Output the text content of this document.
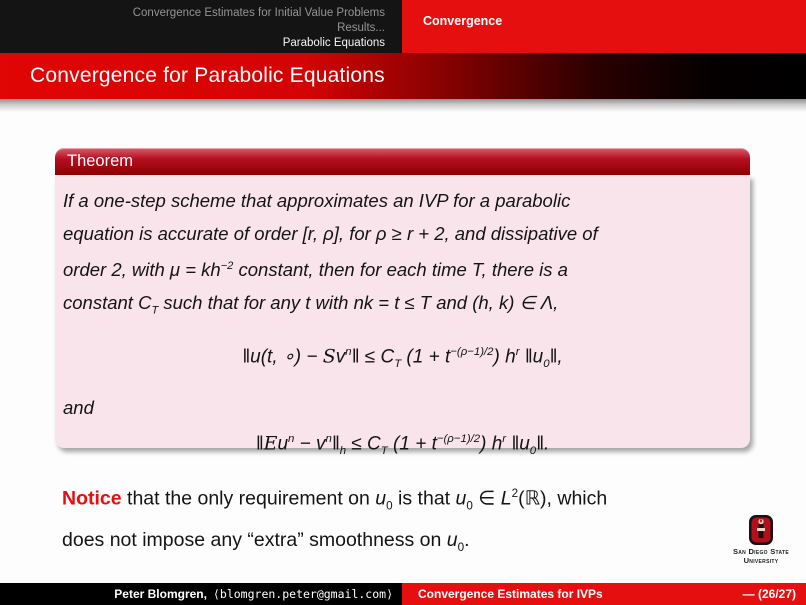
Convergence Estimates for Initial Value Problems
Results...
Parabolic Equations
Convergence
Convergence for Parabolic Equations
Theorem
If a one-step scheme that approximates an IVP for a parabolic
equation is accurate of order [r, ρ], for ρ ≥ r + 2, and dissipative of
order 2, with $\mu = kh^{-2}$ constant, then for each time T, there is a
constant $C_T$ such that for any t with nk = t ≤ T and (h, k) ∈ Λ,
‖u(t, ∘) − $Sv^n‖ \le C_T$ $(1 + t^{-(\rho-1)/2})$ $h^r$ $‖u_0‖$,
and
$‖Eu^n$ − $v^n‖_h \le C_T$ $(1 + t^{-(\rho-1)/2})$ $h^r$ $‖u_0‖$.
Notice that the only requirement on $u_0$ is that $u_0$ ∈ $L^2(ℝ)$, which
does not impose any “extra” smoothness on $u_0$.
San Diego State
University
Peter Blomgren, ⟨blomgren.peter@gmail.com⟩ Convergence Estimates for IVPs	— (26/27)
